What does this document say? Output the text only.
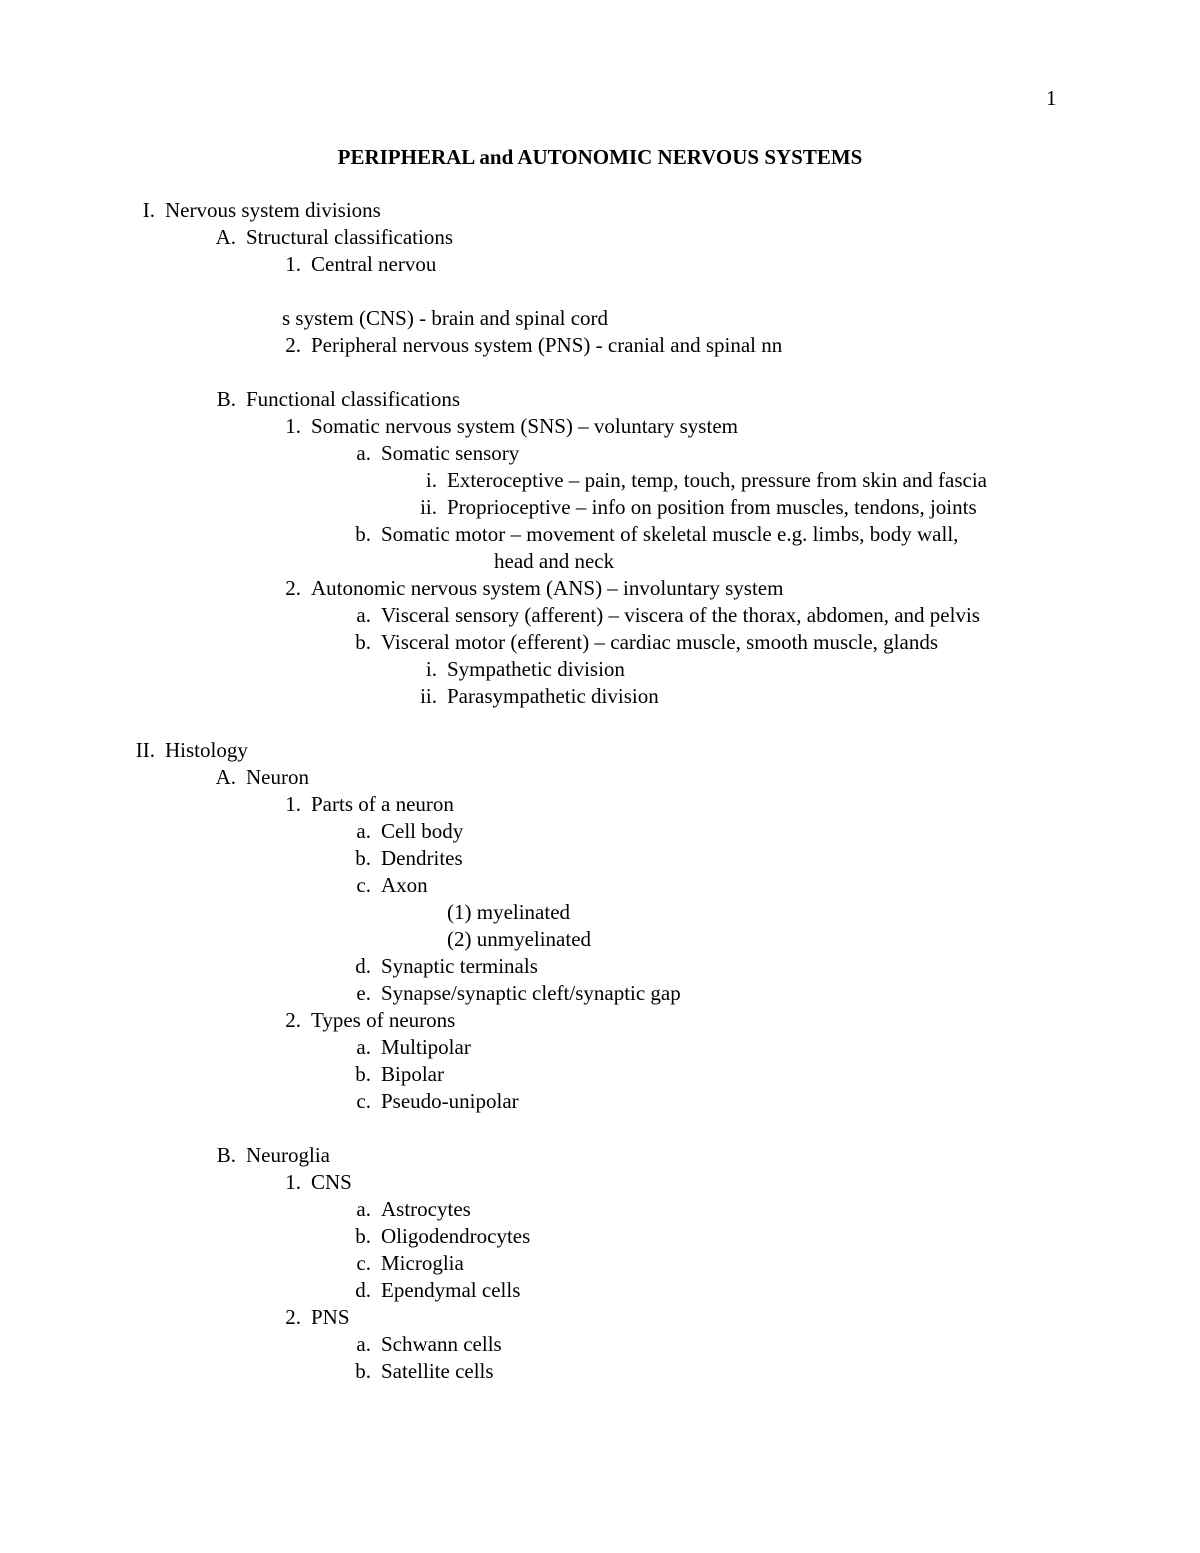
1
PERIPHERAL and AUTONOMIC NERVOUS SYSTEMS
I. Nervous system divisions
A. Structural classifications
1. Central nervou
s system (CNS) - brain and spinal cord
2. Peripheral nervous system (PNS) - cranial and spinal nn
B. Functional classifications
1. Somatic nervous system (SNS) – voluntary system
a. Somatic sensory
i. Exteroceptive – pain, temp, touch, pressure from skin and fascia
ii. Proprioceptive – info on position from muscles, tendons, joints
b. Somatic motor – movement of skeletal muscle e.g. limbs, body wall,
head and neck
2. Autonomic nervous system (ANS) – involuntary system
a. Visceral sensory (afferent) – viscera of the thorax, abdomen, and pelvis
b. Visceral motor (efferent) – cardiac muscle, smooth muscle, glands
i. Sympathetic division
ii. Parasympathetic division
II. Histology
A. Neuron
1. Parts of a neuron
a. Cell body
b. Dendrites
c. Axon
(1) myelinated
(2) unmyelinated
d. Synaptic terminals
e. Synapse/synaptic cleft/synaptic gap
2. Types of neurons
a. Multipolar
b. Bipolar
c. Pseudo-unipolar
B. Neuroglia
1. CNS
a. Astrocytes
b. Oligodendrocytes
c. Microglia
d. Ependymal cells
2. PNS
a. Schwann cells
b. Satellite cells
